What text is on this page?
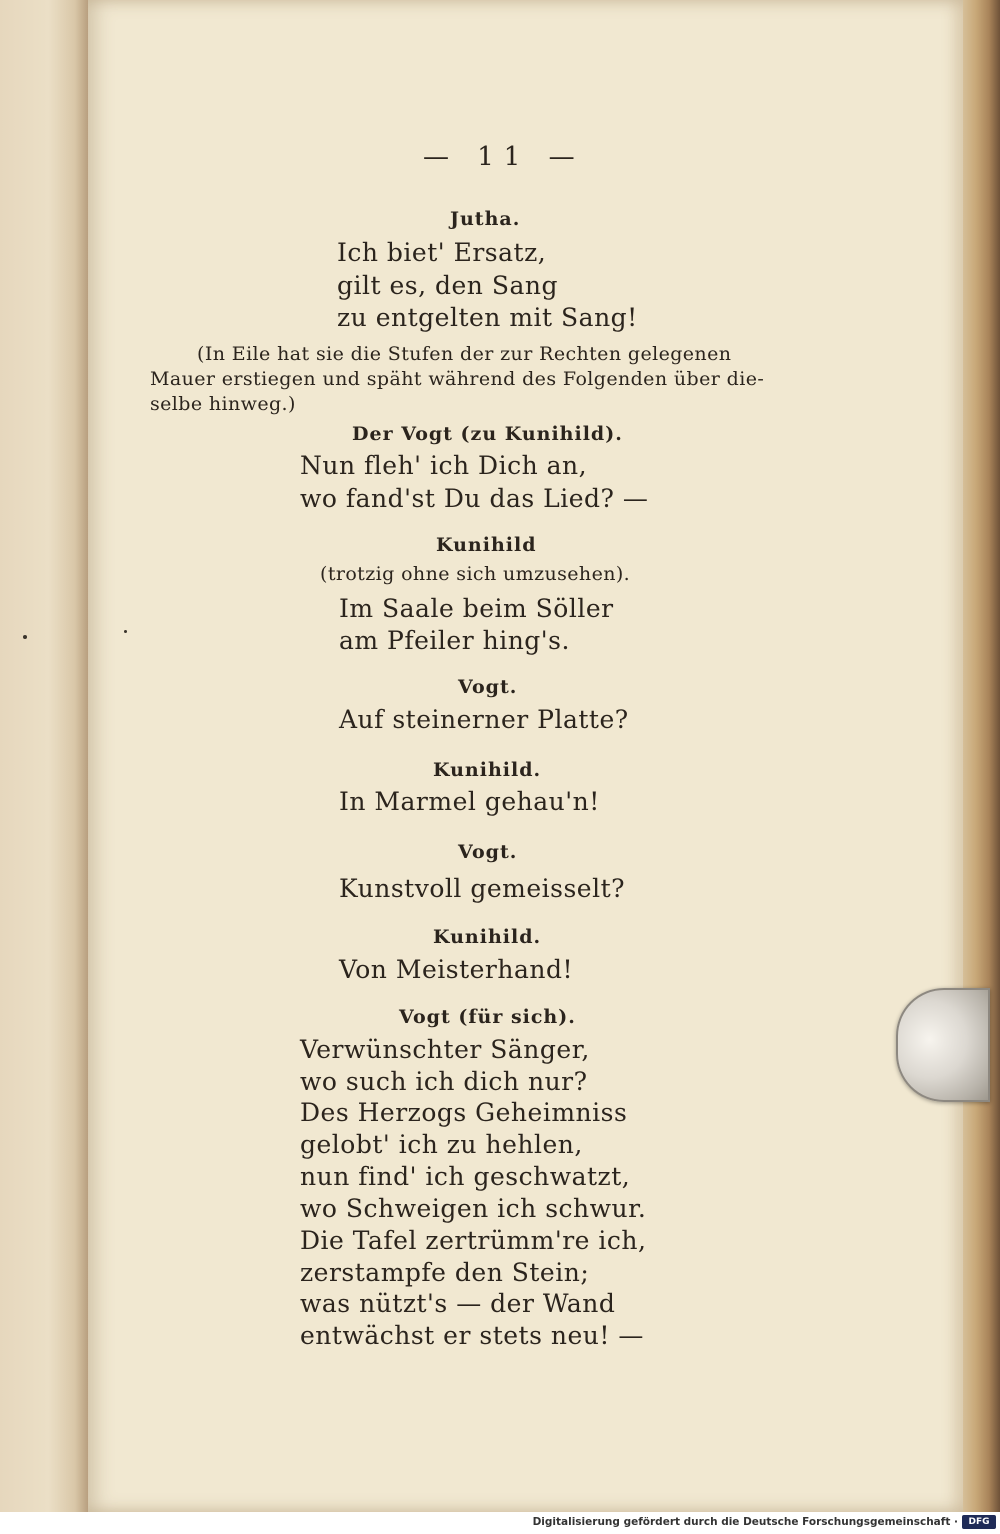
— 11 —
Jutha.
Ich biet' Ersatz,
gilt es, den Sang
zu entgelten mit Sang!
(In Eile hat sie die Stufen der zur Rechten gelegenen
Mauer erstiegen und späht während des Folgenden über die-
selbe hinweg.)
Der Vogt (zu Kunihild).
Nun fleh' ich Dich an,
wo fand'st Du das Lied? —
Kunihild
(trotzig ohne sich umzusehen).
Im Saale beim Söller
am Pfeiler hing's.
Vogt.
Auf steinerner Platte?
Kunihild.
In Marmel gehau'n!
Vogt.
Kunstvoll gemeisselt?
Kunihild.
Von Meisterhand!
Vogt (für sich).
Verwünschter Sänger,
wo such ich dich nur?
Des Herzogs Geheimniss
gelobt' ich zu hehlen,
nun find' ich geschwatzt,
wo Schweigen ich schwur.
Die Tafel zertrümm're ich,
zerstampfe den Stein;
was nützt's — der Wand
entwächst er stets neu! —
Digitalisierung gefördert durch die Deutsche Forschungsgemeinschaft ·	DFG
